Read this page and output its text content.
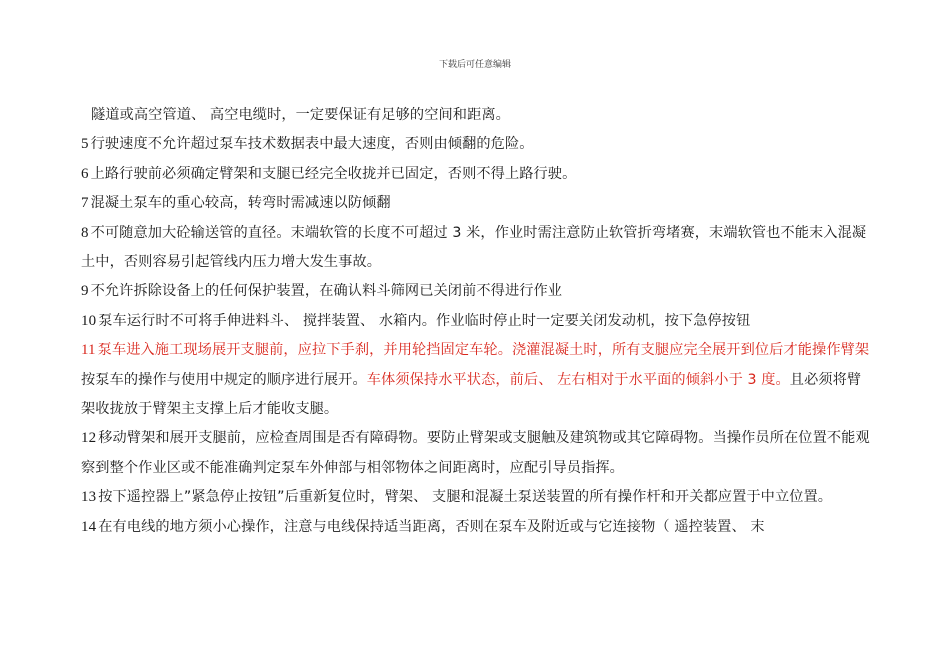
下载后可任意编辑

隧道或高空管道、 高空电缆时，一定要保证有足够的空间和距离。

5 行驶速度不允许超过泵车技术数据表中最大速度，否则由倾翻的危险。

6 上路行驶前必须确定臂架和支腿已经完全收拢并已固定，否则不得上路行驶。

7 混凝土泵车的重心较高，转弯时需减速以防倾翻

8 不可随意加大砼输送管的直径。末端软管的长度不可超过 3 米，作业时需注意防止软管折弯堵赛，末端软管也不能末入混凝土中，否则容易引起管线内压力增大发生事故。

9 不允许拆除设备上的任何保护装置，在确认料斗筛网已关闭前不得进行作业

10 泵车运行时不可将手伸进料斗、 搅拌装置、 水箱内。作业临时停止时一定要关闭发动机，按下急停按钮

11 泵车进入施工现场展开支腿前，应拉下手刹，并用轮挡固定车轮。浇灌混凝土时，所有支腿应完全展开到位后才能操作臂架按泵车的操作与使用中规定的顺序进行展开。车体须保持水平状态，前后、 左右相对于水平面的倾斜小于 3 度。且必须将臂架收拢放于臂架主支撑上后才能收支腿。

12 移动臂架和展开支腿前，应检查周围是否有障碍物。要防止臂架或支腿触及建筑物或其它障碍物。当操作员所在位置不能观察到整个作业区或不能准确判定泵车外伸部与相邻物体之间距离时，应配引导员指挥。

13 按下遥控器上”紧急停止按钮”后重新复位时，臂架、 支腿和混凝土泵送装置的所有操作杆和开关都应置于中立位置。

14 在有电线的地方须小心操作，注意与电线保持适当距离，否则在泵车及附近或与它连接物（ 遥控装置、 末
